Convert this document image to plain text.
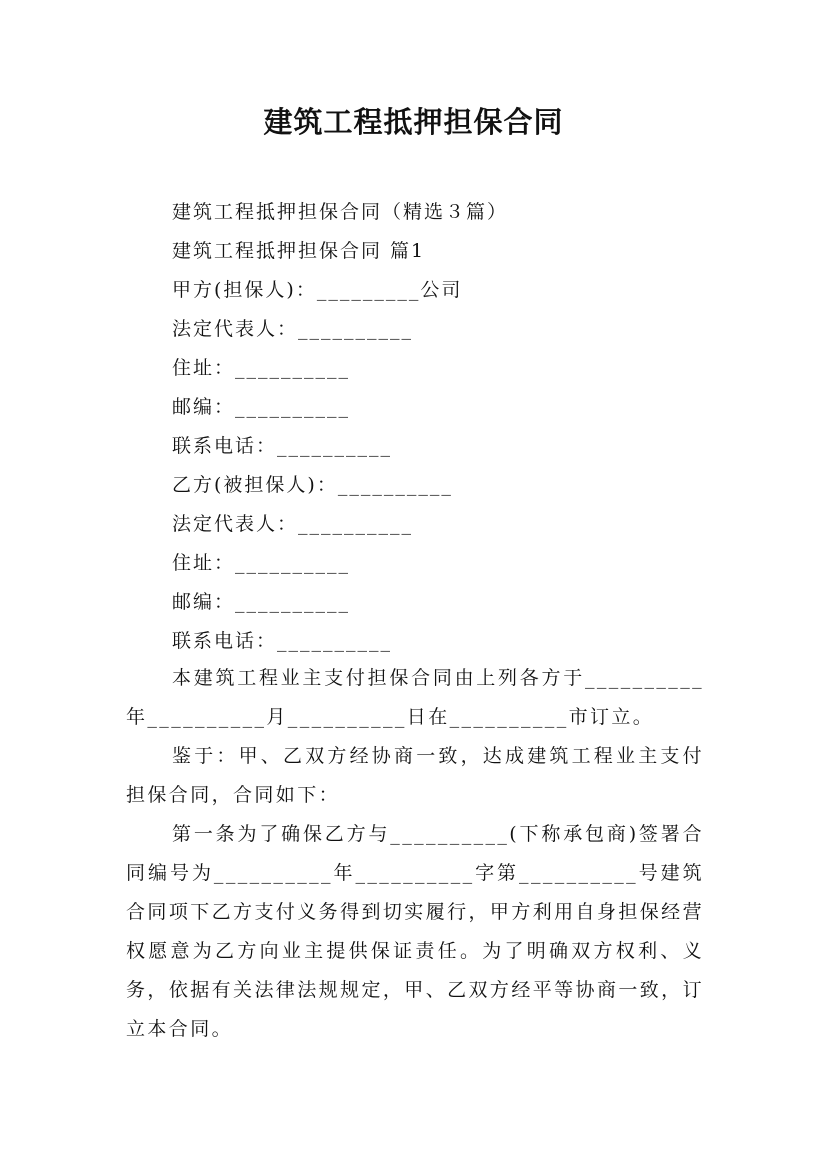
建筑工程抵押担保合同
建筑工程抵押担保合同（精选３篇）
建筑工程抵押担保合同 篇1
甲方(担保人)：_________公司
法定代表人：__________
住址：__________
邮编：__________
联系电话：__________
乙方(被担保人)：__________
法定代表人：__________
住址：__________
邮编：__________
联系电话：__________

本建筑工程业主支付担保合同由上列各方于__________年__________月__________日在__________市订立。

鉴于：甲、乙双方经协商一致，达成建筑工程业主支付担保合同，合同如下：

第一条为了确保乙方与__________(下称承包商)签署合同编号为__________年__________字第__________号建筑合同项下乙方支付义务得到切实履行，甲方利用自身担保经营权愿意为乙方向业主提供保证责任。为了明确双方权利、义务，依据有关法律法规规定，甲、乙双方经平等协商一致，订立本合同。
